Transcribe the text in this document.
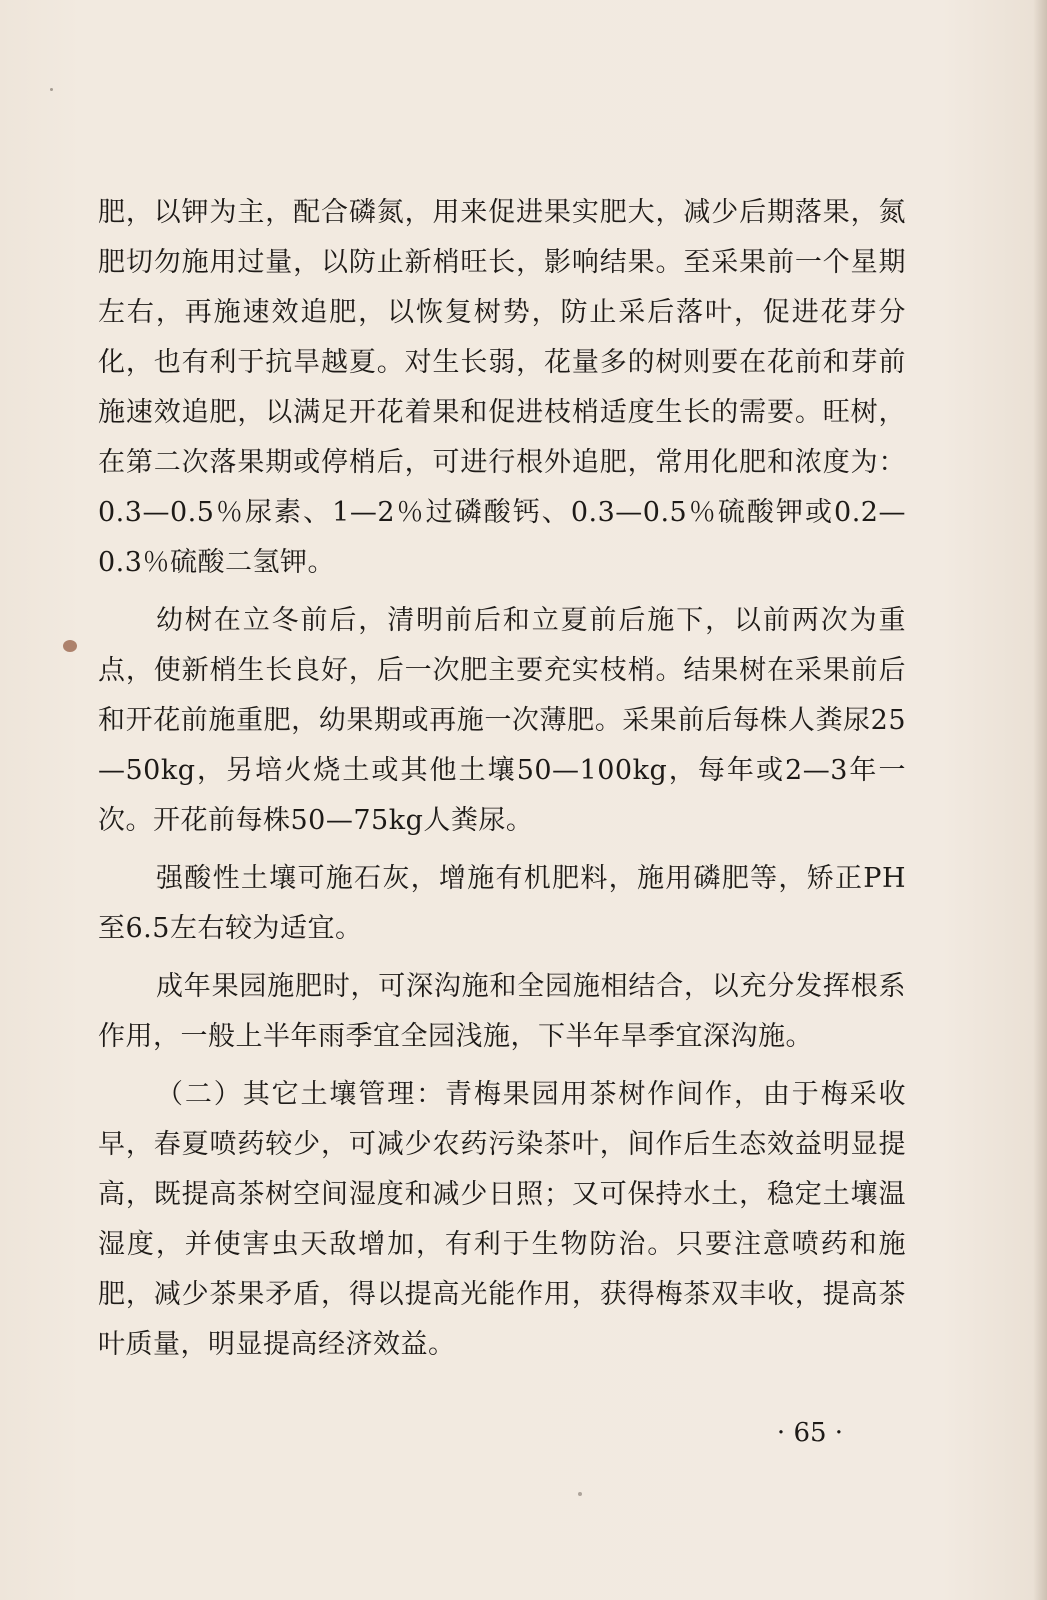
肥，以钾为主，配合磷氮，用来促进果实肥大，减少后期落果，氮肥切勿施用过量，以防止新梢旺长，影响结果。至采果前一个星期左右，再施速效追肥，以恢复树势，防止采后落叶，促进花芽分化，也有利于抗旱越夏。对生长弱，花量多的树则要在花前和芽前施速效追肥，以满足开花着果和促进枝梢适度生长的需要。旺树，在第二次落果期或停梢后，可进行根外追肥，常用化肥和浓度为：0.3—0.5％尿素、1—2％过磷酸钙、0.3—0.5％硫酸钾或0.2—0.3％硫酸二氢钾。

幼树在立冬前后，清明前后和立夏前后施下，以前两次为重点，使新梢生长良好，后一次肥主要充实枝梢。结果树在采果前后和开花前施重肥，幼果期或再施一次薄肥。采果前后每株人粪尿25—50kg，另培火烧土或其他土壤50—100kg，每年或2—3年一次。开花前每株50—75kg人粪尿。

强酸性土壤可施石灰，增施有机肥料，施用磷肥等，矫正PH至6.5左右较为适宜。

成年果园施肥时，可深沟施和全园施相结合，以充分发挥根系作用，一般上半年雨季宜全园浅施，下半年旱季宜深沟施。

（二）其它土壤管理：青梅果园用茶树作间作，由于梅采收早，春夏喷药较少，可减少农药污染茶叶，间作后生态效益明显提高，既提高茶树空间湿度和减少日照；又可保持水土，稳定土壤温湿度，并使害虫天敌增加，有利于生物防治。只要注意喷药和施肥，减少茶果矛盾，得以提高光能作用，获得梅茶双丰收，提高茶叶质量，明显提高经济效益。

· 65 ·
